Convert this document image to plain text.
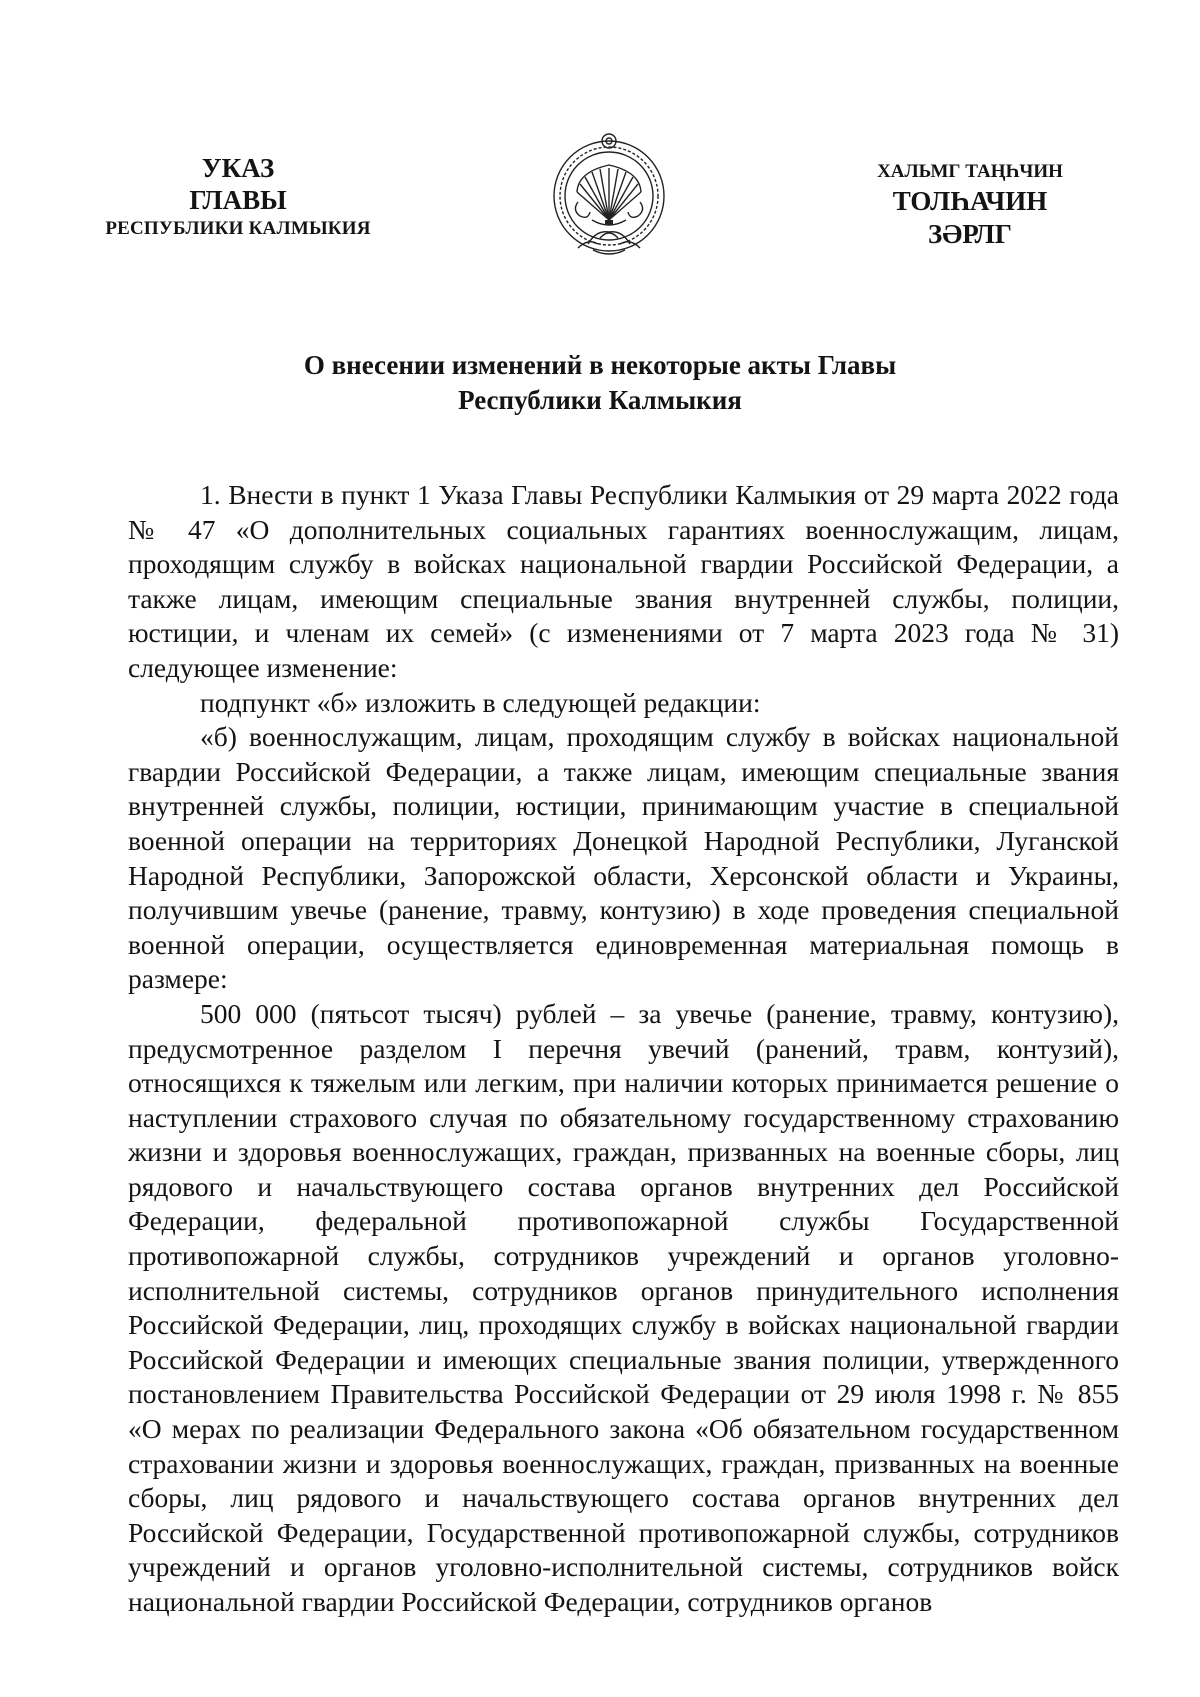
УКАЗ
ГЛАВЫ
РЕСПУБЛИКИ КАЛМЫКИЯ
ХАЛЬМГ ТАҢҺЧИН
ТОЛҺАЧИН
ЗӘРЛГ
О внесении изменений в некоторые акты Главы
Республики Калмыкия

1. Внести в пункт 1 Указа Главы Республики Калмыкия от 29 марта 2022 года № 47 «О дополнительных социальных гарантиях военнослужащим, лицам, проходящим службу в войсках национальной гвардии Российской Федерации, а также лицам, имеющим специальные звания внутренней службы, полиции, юстиции, и членам их семей» (с изменениями от 7 марта 2023 года № 31) следующее изменение:

подпункт «б» изложить в следующей редакции:

«б) военнослужащим, лицам, проходящим службу в войсках национальной гвардии Российской Федерации, а также лицам, имеющим специальные звания внутренней службы, полиции, юстиции, принимающим участие в специальной военной операции на территориях Донецкой Народной Республики, Луганской Народной Республики, Запорожской области, Херсонской области и Украины, получившим увечье (ранение, травму, контузию) в ходе проведения специальной военной операции, осуществляется единовременная материальная помощь в размере:

500 000 (пятьсот тысяч) рублей – за увечье (ранение, травму, контузию), предусмотренное разделом I перечня увечий (ранений, травм, контузий), относящихся к тяжелым или легким, при наличии которых принимается решение о наступлении страхового случая по обязательному государственному страхованию жизни и здоровья военнослужащих, граждан, призванных на военные сборы, лиц рядового и начальствующего состава органов внутренних дел Российской Федерации, федеральной противопожарной службы Государственной противопожарной службы, сотрудников учреждений и органов уголовно-исполнительной системы, сотрудников органов принудительного исполнения Российской Федерации, лиц, проходящих службу в войсках национальной гвардии Российской Федерации и имеющих специальные звания полиции, утвержденного постановлением Правительства Российской Федерации от 29 июля 1998 г. № 855 «О мерах по реализации Федерального закона «Об обязательном государственном страховании жизни и здоровья военнослужащих, граждан, призванных на военные сборы, лиц рядового и начальствующего состава органов внутренних дел Российской Федерации, Государственной противопожарной службы, сотрудников учреждений и органов уголовно-исполнительной системы, сотрудников войск национальной гвардии Российской Федерации, сотрудников органов
